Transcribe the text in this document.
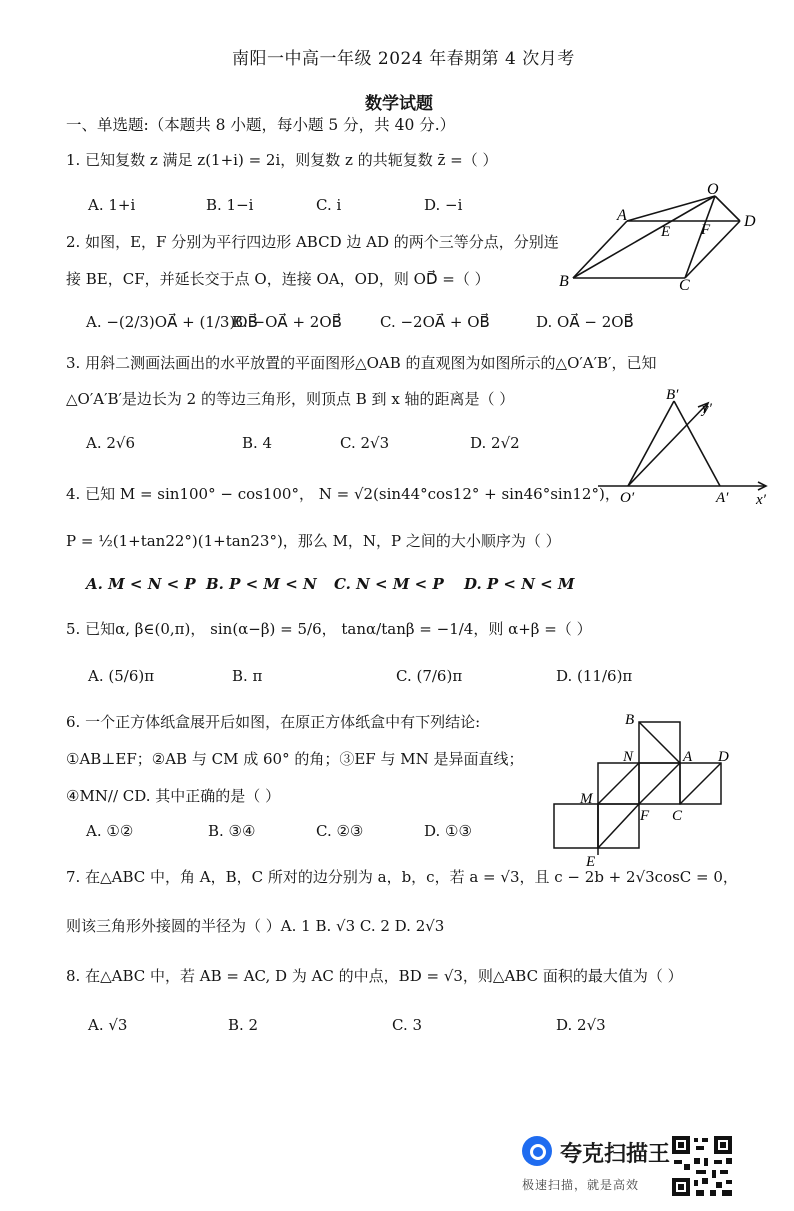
南阳一中高一年级 2024 年春期第 4 次月考
数学试题
一、单选题:（本题共 8 小题，每小题 5 分，共 40 分.）
1. 已知复数 z 满足 z(1+i) = 2i，则复数 z 的共轭复数 z̄ =（ ）
A. 1+i	B. 1−i	C. i	D. −i
2. 如图，E，F 分别为平行四边形 ABCD 边 AD 的两个三等分点，分别连
接 BE，CF，并延长交于点 O，连接 OA，OD，则 OD⃗ =（ ）
A. −(2/3)OA⃗ + (1/3)OB⃗
B. −OA⃗ + 2OB⃗	C. −2OA⃗ + OB⃗	D. OA⃗ − 2OB⃗
O
A	D
E F
B	C
3. 用斜二测画法画出的水平放置的平面图形△OAB 的直观图为如图所示的△O′A′B′，已知
△O′A′B′是边长为 2 的等边三角形，则顶点 B 到 x 轴的距离是（ ）
A. 2√6	B. 4	C. 2√3	D. 2√2
B′
y′
O′	A′ x′
4. 已知 M = sin100° − cos100°， N = √2(sin44°cos12° + sin46°sin12°)，
P = ½(1+tan22°)(1+tan23°)，那么 M，N，P 之间的大小顺序为（ ）
A. M < N < P B. P < M < N C. N < M < P D. P < N < M
5. 已知α, β∈(0,π)， sin(α−β) = 5/6， tanα/tanβ = −1/4，则 α+β =（ ）
A. (5/6)π	B. π	C. (7/6)π	D. (11/6)π
6. 一个正方体纸盒展开后如图，在原正方体纸盒中有下列结论:
①AB⊥EF；②AB 与 CM 成 60° 的角；③EF 与 MN 是异面直线；
④MN// CD. 其中正确的是（ ）
A. ①②	B. ③④	C. ②③	D. ①③
B
N	A D
M
F C
E
7. 在△ABC 中，角 A，B，C 所对的边分别为 a，b，c，若 a = √3，且 c − 2b + 2√3cosC = 0，
则该三角形外接圆的半径为（ ）A. 1 B. √3 C. 2 D. 2√3
8. 在△ABC 中，若 AB = AC, D 为 AC 的中点，BD = √3，则△ABC 面积的最大值为（ ）
A. √3	B. 2	C. 3	D. 2√3
夸克扫描王
极速扫描，就是高效
